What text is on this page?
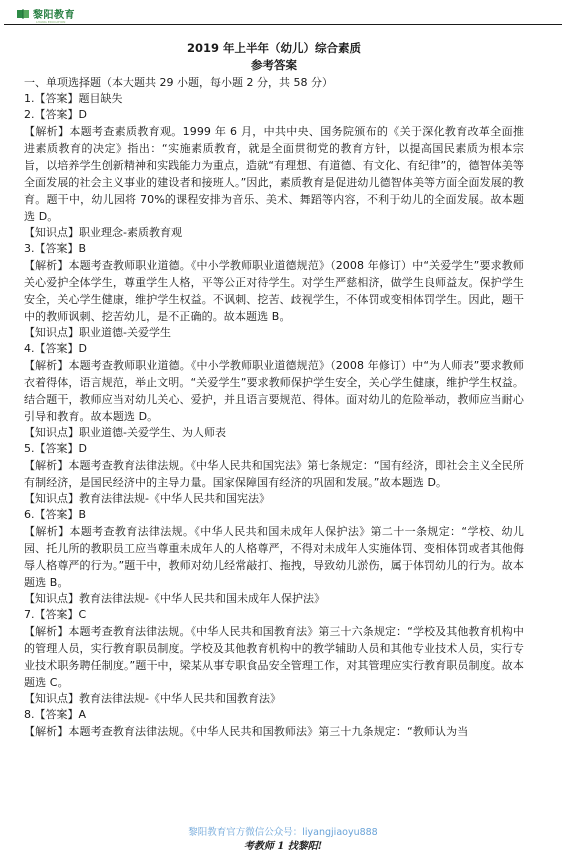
黎阳教育
LIYANG EDUCATION

2019 年上半年（幼儿）综合素质

参考答案

一、单项选择题（本大题共 29 小题，每小题 2 分，共 58 分）

1.【答案】题目缺失

2.【答案】D

【解析】本题考查素质教育观。1999 年 6 月，中共中央、国务院颁布的《关于深化教育改革全面推进素质教育的决定》指出：“实施素质教育，就是全面贯彻党的教育方针，以提高国民素质为根本宗旨，以培养学生创新精神和实践能力为重点，造就“有理想、有道德、有文化、有纪律”的，德智体美等全面发展的社会主义事业的建设者和接班人。”因此，素质教育是促进幼儿德智体美等方面全面发展的教育。题干中，幼儿园将 70%的课程安排为音乐、美术、舞蹈等内容，不利于幼儿的全面发展。故本题选 D。

【知识点】职业理念-素质教育观

3.【答案】B

【解析】本题考查教师职业道德。《中小学教师职业道德规范》（2008 年修订）中“关爱学生”要求教师关心爱护全体学生，尊重学生人格，平等公正对待学生。对学生严慈相济，做学生良师益友。保护学生安全，关心学生健康，维护学生权益。不讽刺、挖苦、歧视学生，不体罚或变相体罚学生。因此，题干中的教师讽刺、挖苦幼儿，是不正确的。故本题选 B。

【知识点】职业道德-关爱学生

4.【答案】D

【解析】本题考查教师职业道德。《中小学教师职业道德规范》（2008 年修订）中“为人师表”要求教师衣着得体，语言规范，举止文明。“关爱学生”要求教师保护学生安全，关心学生健康，维护学生权益。结合题干，教师应当对幼儿关心、爱护，并且语言要规范、得体。面对幼儿的危险举动，教师应当耐心引导和教育。故本题选 D。

【知识点】职业道德-关爱学生、为人师表

5.【答案】D

【解析】本题考查教育法律法规。《中华人民共和国宪法》第七条规定：“国有经济，即社会主义全民所有制经济，是国民经济中的主导力量。国家保障国有经济的巩固和发展。”故本题选 D。

【知识点】教育法律法规-《中华人民共和国宪法》

6.【答案】B

【解析】本题考查教育法律法规。《中华人民共和国未成年人保护法》第二十一条规定：“学校、幼儿园、托儿所的教职员工应当尊重未成年人的人格尊严，不得对未成年人实施体罚、变相体罚或者其他侮辱人格尊严的行为。”题干中，教师对幼儿经常敲打、拖拽，导致幼儿淤伤，属于体罚幼儿的行为。故本题选 B。

【知识点】教育法律法规-《中华人民共和国未成年人保护法》

7.【答案】C

【解析】本题考查教育法律法规。《中华人民共和国教育法》第三十六条规定：“学校及其他教育机构中的管理人员，实行教育职员制度。学校及其他教育机构中的教学辅助人员和其他专业技术人员，实行专业技术职务聘任制度。”题干中，梁某从事专职食品安全管理工作，对其管理应实行教育职员制度。故本题选 C。

【知识点】教育法律法规-《中华人民共和国教育法》

8.【答案】A

【解析】本题考查教育法律法规。《中华人民共和国教师法》第三十九条规定：“教师认为当

黎阳教育官方微信公众号：liyangjiaoyu888
考教师 1 找黎阳!
